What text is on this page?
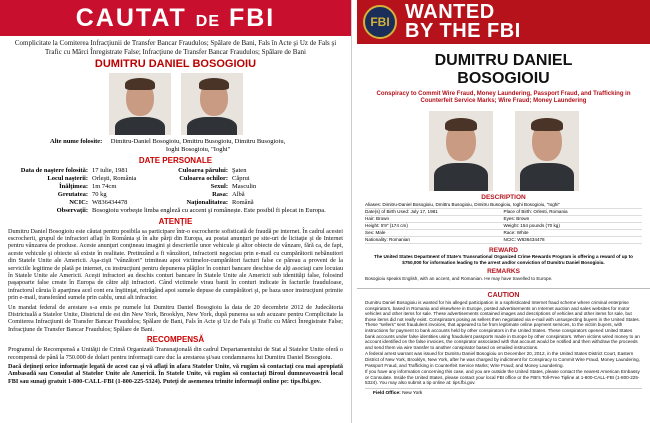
CAUTAT DE FBI
Complicitate la Comiterea Infracţiunii de Transfer Bancar Fraudulos; Spălare de Bani, Fals în Acte şi Uz de Fals şi Trafic cu Mărci Înregistrate False; Infracţiune de Transfer Bancar Fraudulos; Spălare de Bani
DUMITRU DANIEL BOSOGIOIU
Alte nume folosite:	Dimitru-Daniel Bosogioiu, Dmittru Busogioiu, Dimitru Busogioiu, Ioghi Bosogioiu, "Ioghi"
DATE PERSONALE
Data de naştere folosită: 17 iulie, 1981	Culoarea părului: Şaten
Locul naşterii: Orleşti, România	Culoarea ochilor: Căprui
Înălţimea: 1m 74cm	Sexul: Masculin
Greutatea: 70 kg	Rasa: Albă
NCIC: W836434478	Naţionalitatea: Română
Observaţii: Bosogioiu vorbeşte limba engleză cu accent şi românește. Este posibil fi plecat in Europa.
ATENŢIE
Dumitru Daniel Bosogioiu este căutat pentru posibila sa participare într-o escrocherie sofisticată de fraudă pe internet. În cadrul acestei escrocherii, grupul de infractori aflaţi în România şi în alte părţi din Europa, au postat anunţuri pe site-uri de licitaţie şi de Internet pentru vânzarea de produse. Aceste anunţuri conţineau imagini şi descrierile unor vehicule şi altor obiecte de vânzare, fără ca, de fapt, aceste vehicule şi obiecte să existe în realitate. Pretinzând a fi vânzători, infractorii negociau prin e-mail cu cumpărătorii nebănuitori din Statele Unite ale Americii. Aşa-zişii "vânzători" trimiteau apoi victimelor-cumpărători facturi false ce păreau a proveni de la serviciile legitime de plată pe internet, cu instrucţiuni pentru depunerea plăţilor în conturi bancare deschise de alţi asociaţi care locuiau în Statele Unite ale Americii. Aceşti infractori au deschis conturi bancare în Statele Unite ale Americii sub identităţi false, folosind paşapoarte false create în Europa de către alţi infractori. Când victimele virau banii în conturi indicate în facturile frauduloase, infractorul căruia îi aparţinea acel cont era înştiinţat, retrăgând apoi sumele depuse de cumpărători şi, pe baza unor instrucţiuni primite prin e-mail, transferând sumele prin cablu, unui alt infractor.
Un mandat federal de arestare s-a emis pe numele lui Dumitru Daniel Bosogioiu la data de 20 decembrie 2012 de Judecătoria Districtuală a Statelor Unite, Districtul de est din New York, Brooklyn, New York, după punerea sa sub acuzare pentru Complicitate la Comiterea Infracţiunii de Transfer Bancar Fraudulos; Spălare de Bani, Fals în Acte şi Uz de Fals şi Trafic cu Mărci Înregistrate False; Infracţiune de Transfer Bancar Fraudulos; Spălare de Bani.
RECOMPENSĂ
Programul de Recompensă a Unităţii de Crimă Organizată Transnaţională din cadrul Departamentului de Stat al Statelor Unite oferă o recompensă de până la 750.000 de dolari pentru informaţii care duc la arestarea şi/sau condamnarea lui Dumitru Daniel Bosogioiu.
Dacă deţineţi orice informaţie legată de acest caz şi vă aflaţi în afara Statelor Unite, vă rugăm să contactaţi cea mai apropiată Ambasadă sau Consulat al Statelor Unite ale Americii. În Statele Unite, vă rugăm să contactaţi Biroul dumneavoastră local FBI sau sunaţi gratuit 1-800-CALL-FBI (1-800-225-5324). Puteţi de asemenea trimite informaţii online pe: tips.fbi.gov.
FBI WANTED
BY THE FBI
DUMITRU DANIEL
BOSOGIOIU
Conspiracy to Commit Wire Fraud, Money Laundering, Passport Fraud, and Trafficking in Counterfeit Service Marks; Wire Fraud; Money Laundering
DESCRIPTION
Aliases: Dimitru-Daniel Bosogioiu, Dmittru Busogioiu, Dimitru Busogioiu, Ioghi Bosogioiu, "Ioghi"
Date(s) of Birth Used: July 17, 1981	Place of Birth: Orlesti, Romania
Hair: Brown	Eyes: Brown
Height: 5'9" (174 cm)	Weight: 154 pounds (70 kg)
Sex: Male	Race: White
Nationality: Romanian	NCIC: W836434478
REWARD
The United States Department of State's Transnational Organized Crime Rewards Program is offering a reward of up to $750,000 for information leading to the arrest and/or conviction of Dumitru Daniel Bosogioiu.
REMARKS
Bosogioiu speaks English, with an accent, and Romanian. He may have travelled to Europe.
CAUTION
Dumitru Daniel Bosogioiu is wanted for his alleged participation in a sophisticated Internet fraud scheme where criminal enterprise conspirators, based in Romania and elsewhere in Europe, posted advertisements on Internet auction and sales websites for motor vehicles and other items for sale. These advertisements contained images and descriptions of vehicles and other items for sale, but those items did not really exist. Conspirators posing as sellers then negotiated via e-mail with unsuspecting buyers in the United States. These "sellers" sent fraudulent invoices, that appeared to be from legitimate online payment services, to the victim buyers, with instructions for payment to bank accounts held by other conspirators in the United States. These conspirators opened United States bank accounts under false identities using fraudulent passports made in Europe by other conspirators. When victims wired money to an account identified on the false invoices, the conspirator associated with that account would be notified and then withdraw the proceeds and send them via wire transfer to another conspirator based on emailed instructions.
A federal arrest warrant was issued for Dumitru Daniel Bosogioiu on December 20, 2012, in the United States District Court, Eastern District of New York, Brooklyn, New York, after he was charged by indictment for Conspiracy to Commit Wire Fraud, Money Laundering, Passport Fraud, and Trafficking in Counterfeit Service Marks; Wire Fraud; and Money Laundering.
If you have any information concerning this case, and you are outside the United States, please contact the nearest American Embassy or Consulate. Inside the United States, please contact your local FBI office or the FBI's Toll-Free Tipline at 1-800-CALL-FBI (1-800-225-5324). You may also submit a tip online at: tips.fbi.gov.
Field Office: New York
